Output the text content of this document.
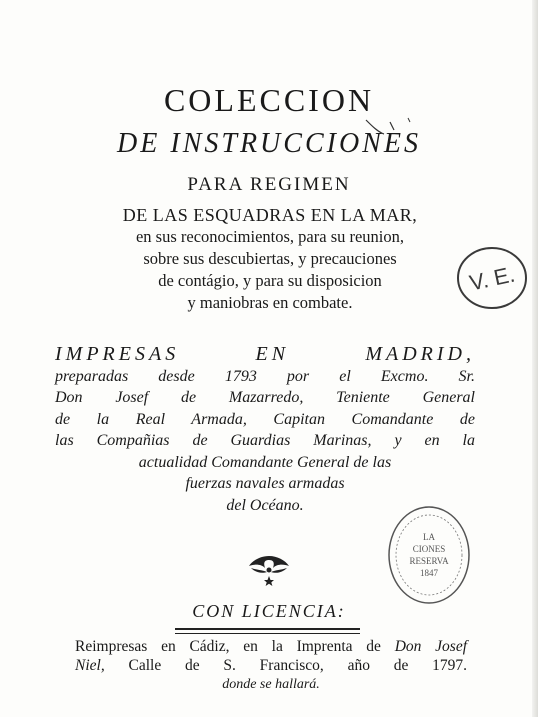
COLECCION
DE INSTRUCCIONES
PARA REGIMEN
DE LAS ESQUADRAS EN LA MAR,
en sus reconocimientos, para su reunion,
sobre sus descubiertas, y precauciones
de contágio, y para su disposicion
y maniobras en combate.
IMPRESAS EN MADRID,
preparadas desde 1793 por el Excmo. Sr.
Don Josef de Mazarredo, Teniente General
de la Real Armada, Capitan Comandante de
las Compañias de Guardias Marinas, y en la
actualidad Comandante General de las
fuerzas navales armadas
del Océano.
CON LICENCIA:
Reimpresas en Cádiz, en la Imprenta de Don Josef
Niel, Calle de S. Francisco, año de 1797.
donde se hallará.
V. E.
LA
CIONES
RESERVA
1847
